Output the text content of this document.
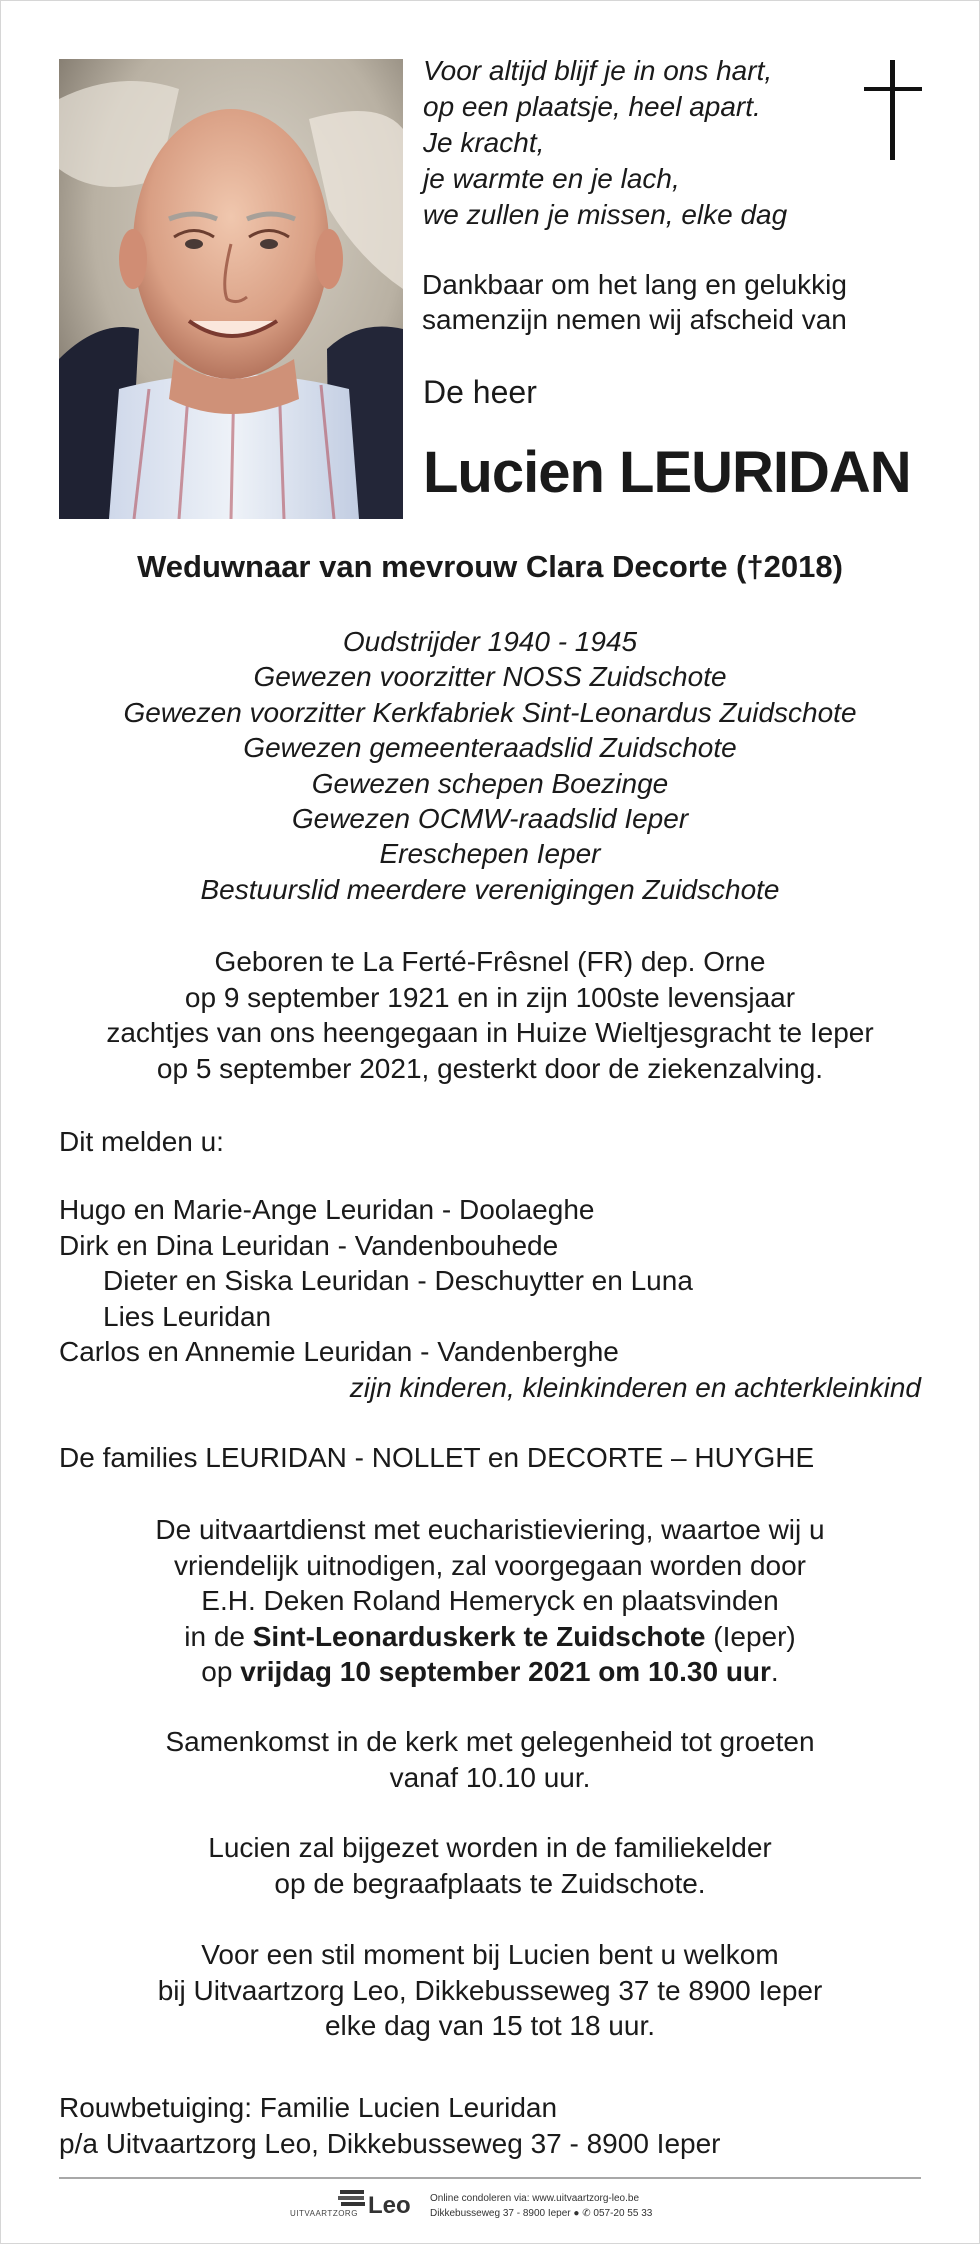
Voor altijd blijf je in ons hart,
op een plaatsje, heel apart.
Je kracht,
je warmte en je lach,
we zullen je missen, elke dag
Dankbaar om het lang en gelukkig
samenzijn nemen wij afscheid van
De heer
Lucien LEURIDAN
Weduwnaar van mevrouw Clara Decorte (†2018)
Oudstrijder 1940 - 1945
Gewezen voorzitter NOSS Zuidschote
Gewezen voorzitter Kerkfabriek Sint-Leonardus Zuidschote
Gewezen gemeenteraadslid Zuidschote
Gewezen schepen Boezinge
Gewezen OCMW-raadslid Ieper
Ereschepen Ieper
Bestuurslid meerdere verenigingen Zuidschote
Geboren te La Ferté-Frêsnel (FR) dep. Orne
op 9 september 1921 en in zijn 100ste levensjaar
zachtjes van ons heengegaan in Huize Wieltjesgracht te Ieper
op 5 september 2021, gesterkt door de ziekenzalving.
Dit melden u:
Hugo en Marie-Ange Leuridan - Doolaeghe
Dirk en Dina Leuridan - Vandenbouhede
Dieter en Siska Leuridan - Deschuytter en Luna
Lies Leuridan
Carlos en Annemie Leuridan - Vandenberghe
zijn kinderen, kleinkinderen en achterkleinkind
De families LEURIDAN - NOLLET en DECORTE – HUYGHE
De uitvaartdienst met eucharistieviering, waartoe wij u
vriendelijk uitnodigen, zal voorgegaan worden door
E.H. Deken Roland Hemeryck en plaatsvinden
in de Sint-Leonarduskerk te Zuidschote (Ieper)
op vrijdag 10 september 2021 om 10.30 uur.
Samenkomst in de kerk met gelegenheid tot groeten
vanaf 10.10 uur.
Lucien zal bijgezet worden in de familiekelder
op de begraafplaats te Zuidschote.
Voor een stil moment bij Lucien bent u welkom
bij Uitvaartzorg Leo, Dikkebusseweg 37 te 8900 Ieper
elke dag van 15 tot 18 uur.
Rouwbetuiging: Familie Lucien Leuridan
p/a Uitvaartzorg Leo, Dikkebusseweg 37 - 8900 Ieper
UITVAARTZORG Leo Online condoleren via: www.uitvaartzorg-leo.be
Dikkebusseweg 37 - 8900 Ieper ● ✆ 057-20 55 33
